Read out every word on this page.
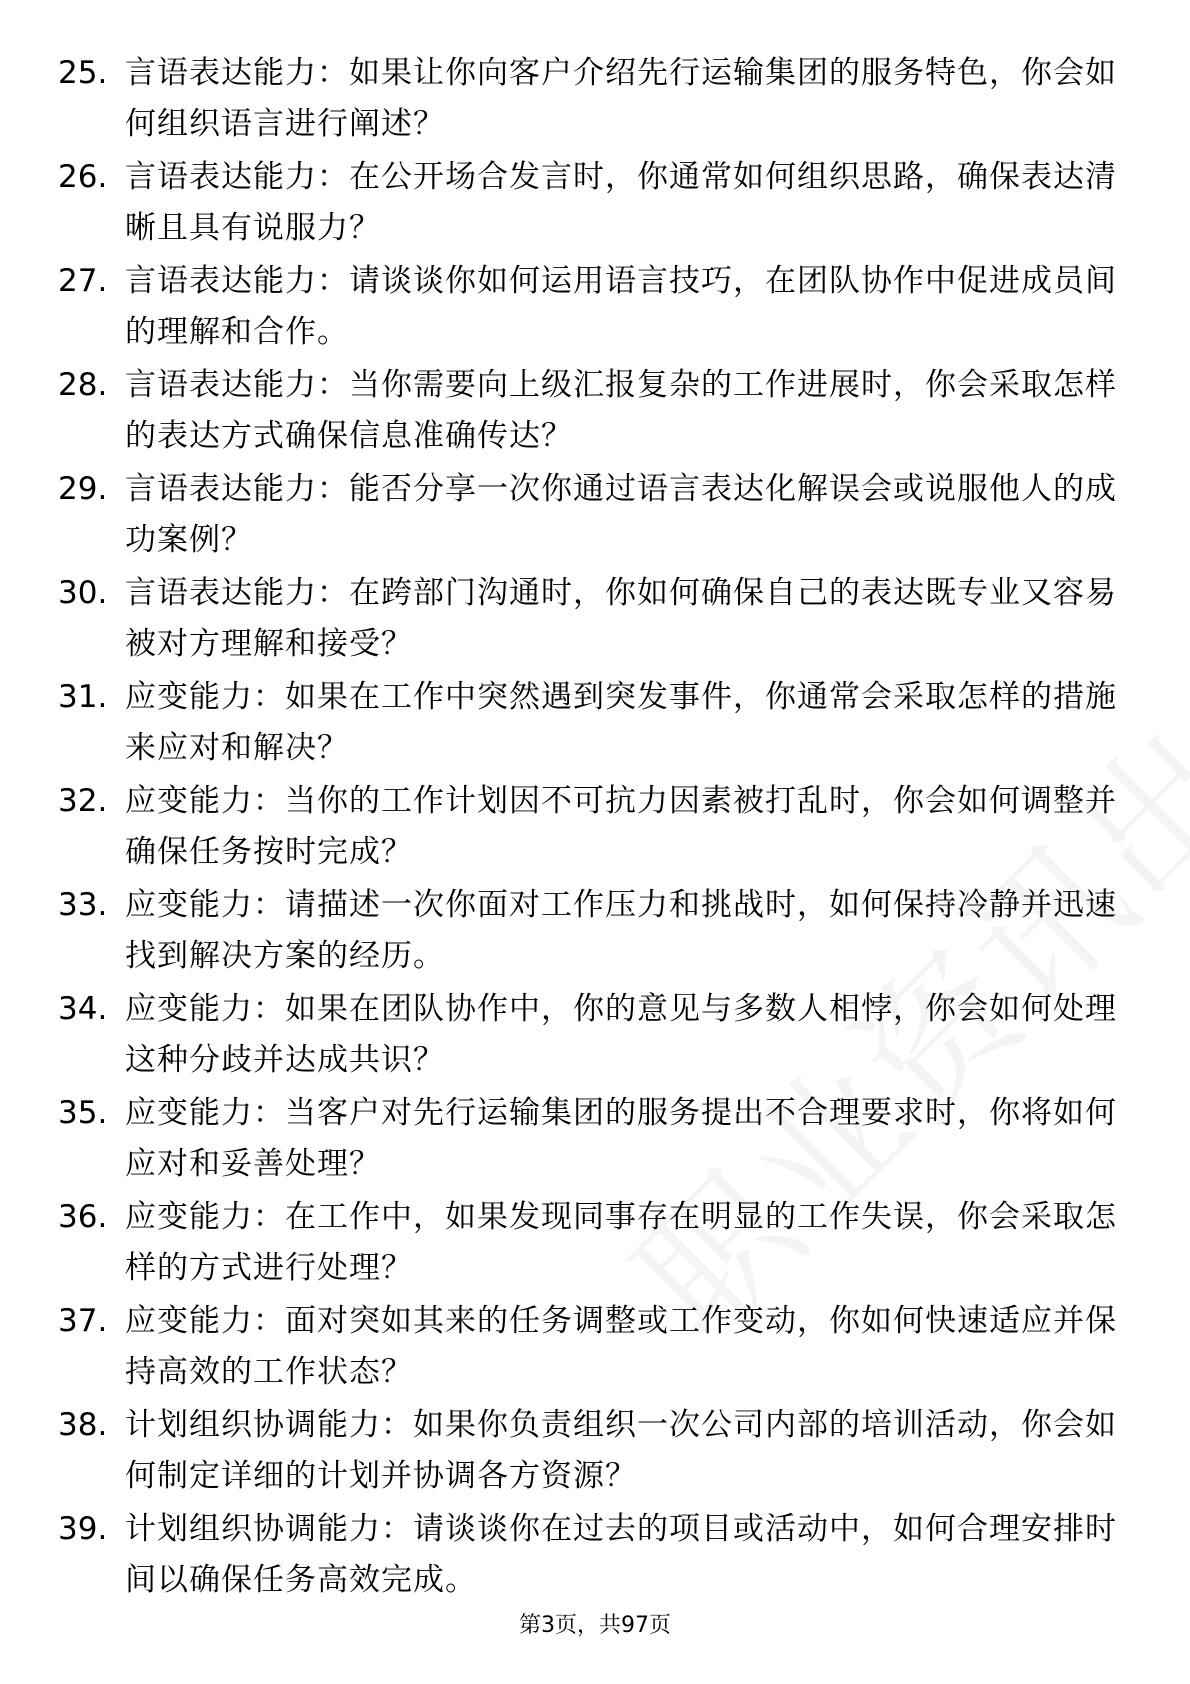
25. 言语表达能力：如果让你向客户介绍先行运输集团的服务特色，你会如何组织语言进行阐述？
26. 言语表达能力：在公开场合发言时，你通常如何组织思路，确保表达清晰且具有说服力？
27. 言语表达能力：请谈谈你如何运用语言技巧，在团队协作中促进成员间的理解和合作。
28. 言语表达能力：当你需要向上级汇报复杂的工作进展时，你会采取怎样的表达方式确保信息准确传达？
29. 言语表达能力：能否分享一次你通过语言表达化解误会或说服他人的成功案例？
30. 言语表达能力：在跨部门沟通时，你如何确保自己的表达既专业又容易被对方理解和接受？
31. 应变能力：如果在工作中突然遇到突发事件，你通常会采取怎样的措施来应对和解决？
32. 应变能力：当你的工作计划因不可抗力因素被打乱时，你会如何调整并确保任务按时完成？
33. 应变能力：请描述一次你面对工作压力和挑战时，如何保持冷静并迅速找到解决方案的经历。
34. 应变能力：如果在团队协作中，你的意见与多数人相悖，你会如何处理这种分歧并达成共识？
35. 应变能力：当客户对先行运输集团的服务提出不合理要求时，你将如何应对和妥善处理？
36. 应变能力：在工作中，如果发现同事存在明显的工作失误，你会采取怎样的方式进行处理？
37. 应变能力：面对突如其来的任务调整或工作变动，你如何快速适应并保持高效的工作状态？
38. 计划组织协调能力：如果你负责组织一次公司内部的培训活动，你会如何制定详细的计划并协调各方资源？
39. 计划组织协调能力：请谈谈你在过去的项目或活动中，如何合理安排时间以确保任务高效完成。
第3页，共97页
